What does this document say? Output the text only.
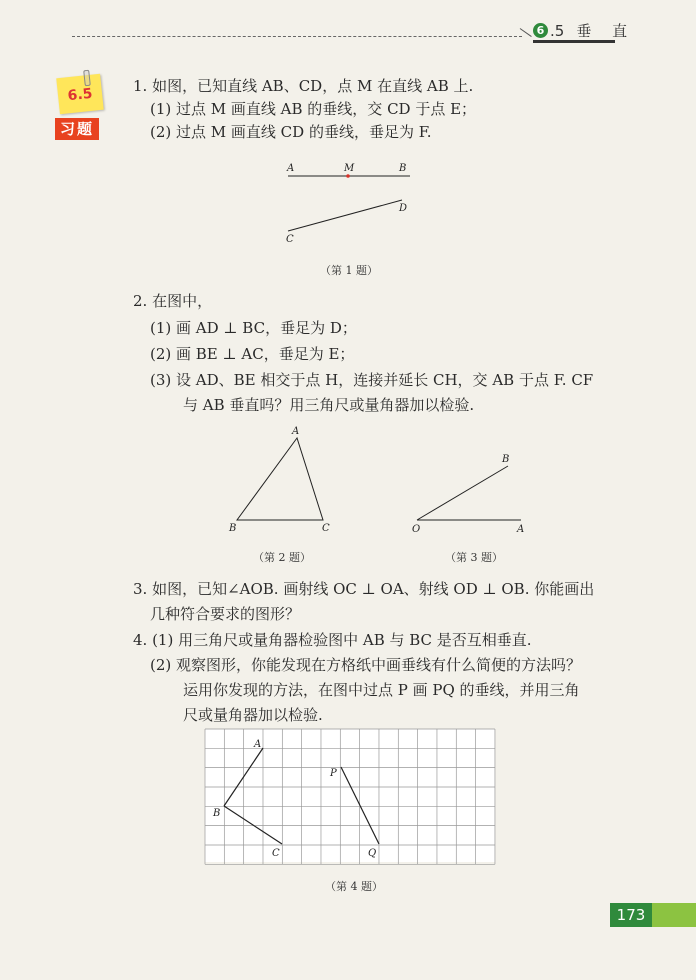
6 .5 垂 直
6.5
习题
1. 如图，已知直线 AB、CD，点 M 在直线 AB 上.
(1) 过点 M 画直线 AB 的垂线，交 CD 于点 E；
(2) 过点 M 画直线 CD 的垂线，垂足为 F.
A	M	B
C
D
（第 1 题）
2. 在图中，
(1) 画 AD ⊥ BC，垂足为 D；
(2) 画 BE ⊥ AC，垂足为 E；
(3) 设 AD、BE 相交于点 H，连接并延长 CH，交 AB 于点 F. CF
与 AB 垂直吗？用三角尺或量角器加以检验.
A
B	C
（第 2 题）
O	A
B
（第 3 题）
3. 如图，已知∠AOB. 画射线 OC ⊥ OA、射线 OD ⊥ OB. 你能画出
几种符合要求的图形？
4. (1) 用三角尺或量角器检验图中 AB 与 BC 是否互相垂直.
(2) 观察图形，你能发现在方格纸中画垂线有什么简便的方法吗？
运用你发现的方法，在图中过点 P 画 PQ 的垂线，并用三角
尺或量角器加以检验.
A
B
C
P
Q
（第 4 题）
173
